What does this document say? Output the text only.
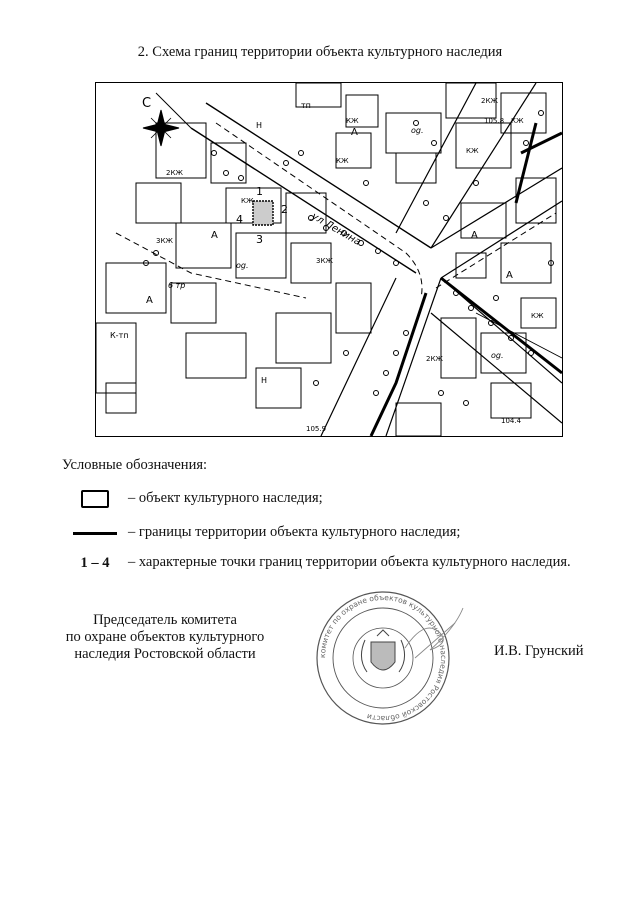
2. Схема границ территории объекта культурного наследия
С
ул Ленина
1
2
3
4
КЖ
2КЖ
3КЖ
КЖ
3КЖ
КЖ
2КЖ
КЖ
КЖ
og.
og.
og.
A
A
A
A
A
Н
Н
6 тр
К-тп
тп
2КЖ
КЖ
105.8
105.9
104.4
Условные обозначения:
– объект культурного наследия;
– границы территории объекта культурного наследия;
1 – 4 – характерные точки границ территории объекта культурного наследия.
Председатель комитета
по охране объектов культурного
наследия Ростовской области	комитет по охране объектов культурного наследия Ростовской области
И.В. Грунский
